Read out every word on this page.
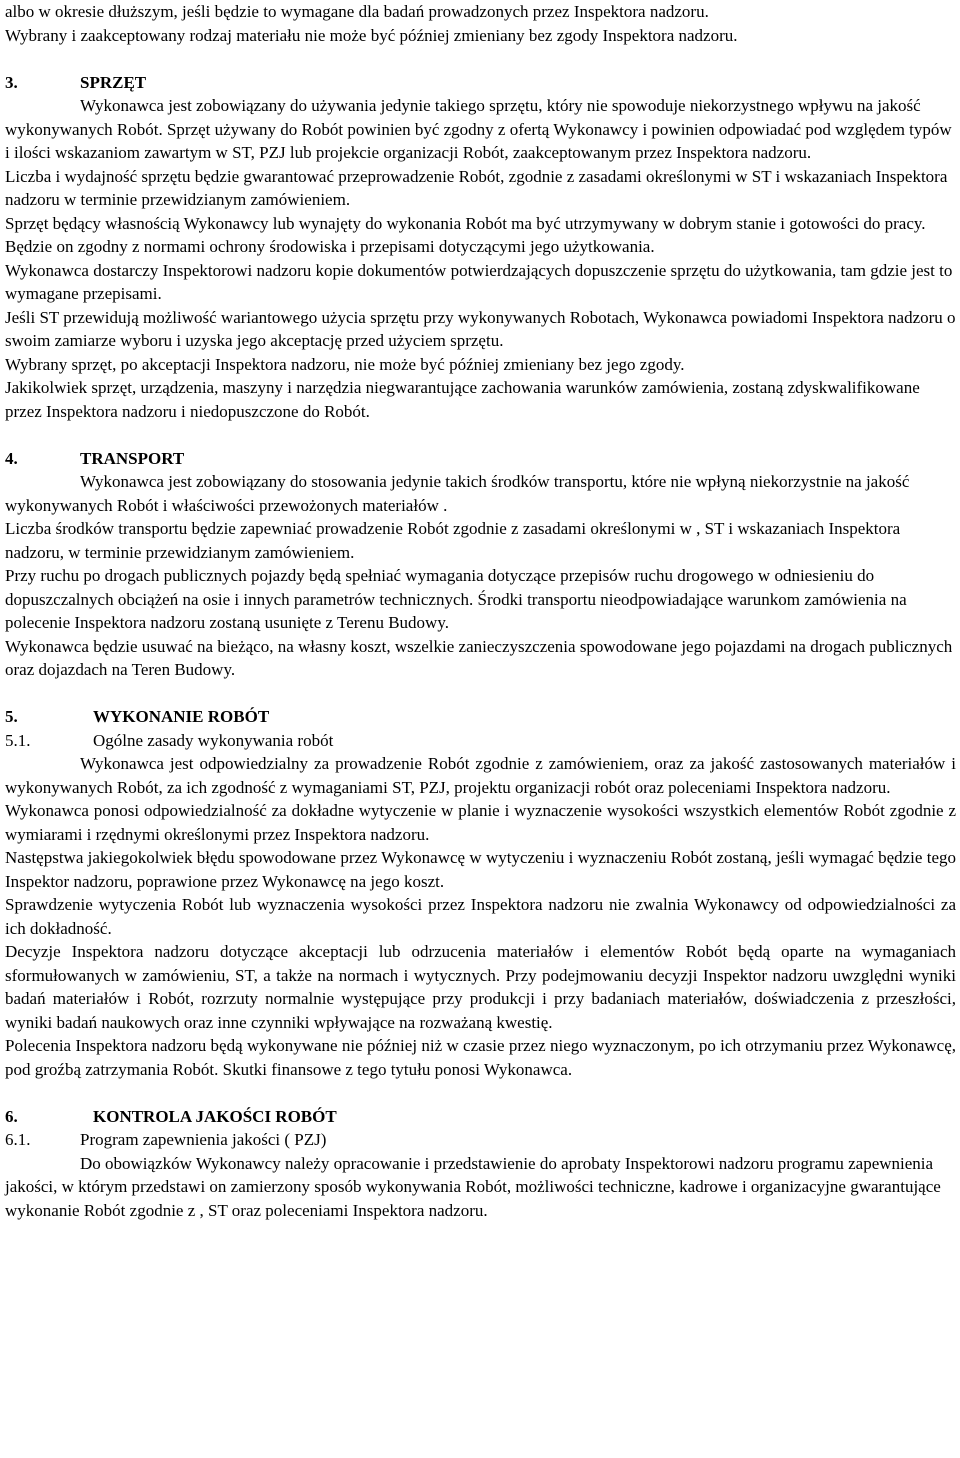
albo w okresie dłuższym, jeśli będzie to wymagane dla badań prowadzonych przez Inspektora nadzoru.

Wybrany i zaakceptowany rodzaj materiału nie może być później zmieniany bez zgody Inspektora nadzoru.

3.	SPRZĘT

Wykonawca jest zobowiązany do używania jedynie takiego sprzętu, który nie spowoduje niekorzystnego wpływu na jakość wykonywanych Robót. Sprzęt używany do Robót powinien być zgodny z ofertą Wykonawcy i powinien odpowiadać pod względem typów i ilości wskazaniom zawartym w ST, PZJ lub projekcie organizacji Robót, zaakceptowanym przez Inspektora nadzoru.

Liczba i wydajność sprzętu będzie gwarantować przeprowadzenie Robót, zgodnie z zasadami określonymi w ST i wskazaniach Inspektora nadzoru w terminie przewidzianym zamówieniem.

Sprzęt będący własnością Wykonawcy lub wynajęty do wykonania Robót ma być utrzymywany w dobrym stanie i gotowości do pracy. Będzie on zgodny z normami ochrony środowiska i przepisami dotyczącymi jego użytkowania.

Wykonawca dostarczy Inspektorowi nadzoru kopie dokumentów potwierdzających dopuszczenie sprzętu do użytkowania, tam gdzie jest to wymagane przepisami.

Jeśli ST przewidują możliwość wariantowego użycia sprzętu przy wykonywanych Robotach, Wykonawca powiadomi Inspektora nadzoru o swoim zamiarze wyboru i uzyska jego akceptację przed użyciem sprzętu.

Wybrany sprzęt, po akceptacji Inspektora nadzoru, nie może być później zmieniany bez jego zgody.

Jakikolwiek sprzęt, urządzenia, maszyny i narzędzia niegwarantujące zachowania warunków zamówienia, zostaną zdyskwalifikowane przez Inspektora nadzoru i niedopuszczone do Robót.

4.	TRANSPORT

Wykonawca jest zobowiązany do stosowania jedynie takich środków transportu, które nie wpłyną niekorzystnie na jakość wykonywanych Robót i właściwości przewożonych materiałów .

Liczba środków transportu będzie zapewniać prowadzenie Robót zgodnie z zasadami określonymi w , ST i wskazaniach Inspektora nadzoru, w terminie przewidzianym zamówieniem.

Przy ruchu po drogach publicznych pojazdy będą spełniać wymagania dotyczące przepisów ruchu drogowego w odniesieniu do dopuszczalnych obciążeń na osie i innych parametrów technicznych. Środki transportu nieodpowiadające warunkom zamówienia na polecenie Inspektora nadzoru zostaną usunięte z Terenu Budowy.

Wykonawca będzie usuwać na bieżąco, na własny koszt, wszelkie zanieczyszczenia spowodowane jego pojazdami na drogach publicznych oraz dojazdach na Teren Budowy.

5.	WYKONANIE ROBÓT
5.1.	Ogólne zasady wykonywania robót

Wykonawca jest odpowiedzialny za prowadzenie Robót zgodnie z zamówieniem, oraz za jakość zastosowanych materiałów i wykonywanych Robót, za ich zgodność z wymaganiami ST, PZJ, projektu organizacji robót oraz poleceniami Inspektora nadzoru.

Wykonawca ponosi odpowiedzialność za dokładne wytyczenie w planie i wyznaczenie wysokości wszystkich elementów Robót zgodnie z wymiarami i rzędnymi określonymi przez Inspektora nadzoru.

Następstwa jakiegokolwiek błędu spowodowane przez Wykonawcę w wytyczeniu i wyznaczeniu Robót zostaną, jeśli wymagać będzie tego Inspektor nadzoru, poprawione przez Wykonawcę na jego koszt.

Sprawdzenie wytyczenia Robót lub wyznaczenia wysokości przez Inspektora nadzoru nie zwalnia Wykonawcy od odpowiedzialności za ich dokładność.

Decyzje Inspektora nadzoru dotyczące akceptacji lub odrzucenia materiałów i elementów Robót będą oparte na wymaganiach sformułowanych w zamówieniu, ST, a także na normach i wytycznych. Przy podejmowaniu decyzji Inspektor nadzoru uwzględni wyniki badań materiałów i Robót, rozrzuty normalnie występujące przy produkcji i przy badaniach materiałów, doświadczenia z przeszłości, wyniki badań naukowych oraz inne czynniki wpływające na rozważaną kwestię.

Polecenia Inspektora nadzoru będą wykonywane nie później niż w czasie przez niego wyznaczonym, po ich otrzymaniu przez Wykonawcę, pod groźbą zatrzymania Robót. Skutki finansowe z tego tytułu ponosi Wykonawca.

6.	KONTROLA JAKOŚCI ROBÓT
6.1.	Program zapewnienia jakości ( PZJ)

Do obowiązków Wykonawcy należy opracowanie i przedstawienie do aprobaty Inspektorowi nadzoru programu zapewnienia jakości, w którym przedstawi on zamierzony sposób wykonywania Robót, możliwości techniczne, kadrowe i organizacyjne gwarantujące wykonanie Robót zgodnie z , ST oraz poleceniami Inspektora nadzoru.
